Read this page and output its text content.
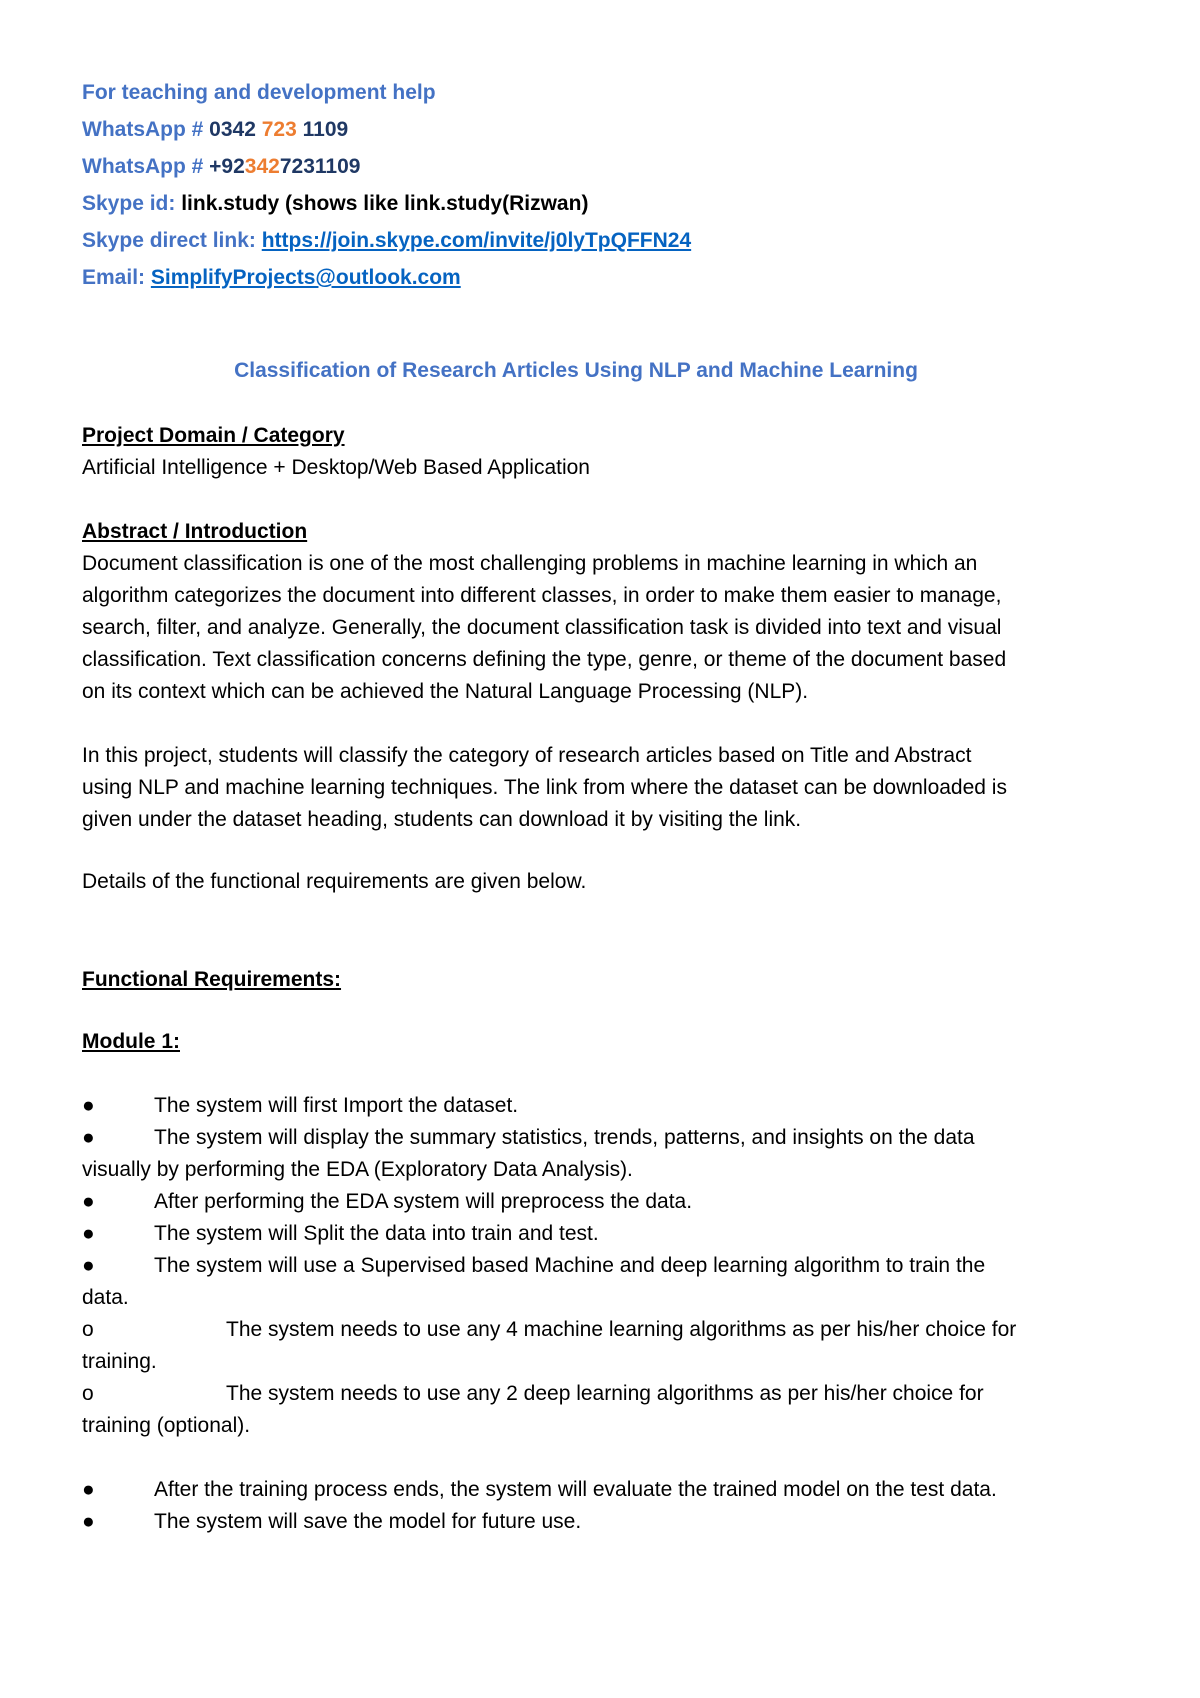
For teaching and development help

WhatsApp # 0342 723 1109

WhatsApp # +923427231109

Skype id: link.study (shows like link.study(Rizwan)

Skype direct link: https://join.skype.com/invite/j0lyTpQFFN24

Email: SimplifyProjects@outlook.com

Classification of Research Articles Using NLP and Machine Learning

Project Domain / Category

Artificial Intelligence + Desktop/Web Based Application

Abstract / Introduction

Document classification is one of the most challenging problems in machine learning in which an
algorithm categorizes the document into different classes, in order to make them easier to manage,
search, filter, and analyze. Generally, the document classification task is divided into text and visual
classification. Text classification concerns defining the type, genre, or theme of the document based
on its context which can be achieved the Natural Language Processing (NLP).
In this project, students will classify the category of research articles based on Title and Abstract
using NLP and machine learning techniques. The link from where the dataset can be downloaded is
given under the dataset heading, students can download it by visiting the link.

Details of the functional requirements are given below.

Functional Requirements:

Module 1:

●	The system will first Import the dataset.
●	The system will display the summary statistics, trends, patterns, and insights on the data
visually by performing the EDA (Exploratory Data Analysis).
●	After performing the EDA system will preprocess the data.
●	The system will Split the data into train and test.
●	The system will use a Supervised based Machine and deep learning algorithm to train the
data.
o	The system needs to use any 4 machine learning algorithms as per his/her choice for
training.
o	The system needs to use any 2 deep learning algorithms as per his/her choice for
training (optional).
●	After the training process ends, the system will evaluate the trained model on the test data.
●	The system will save the model for future use.
